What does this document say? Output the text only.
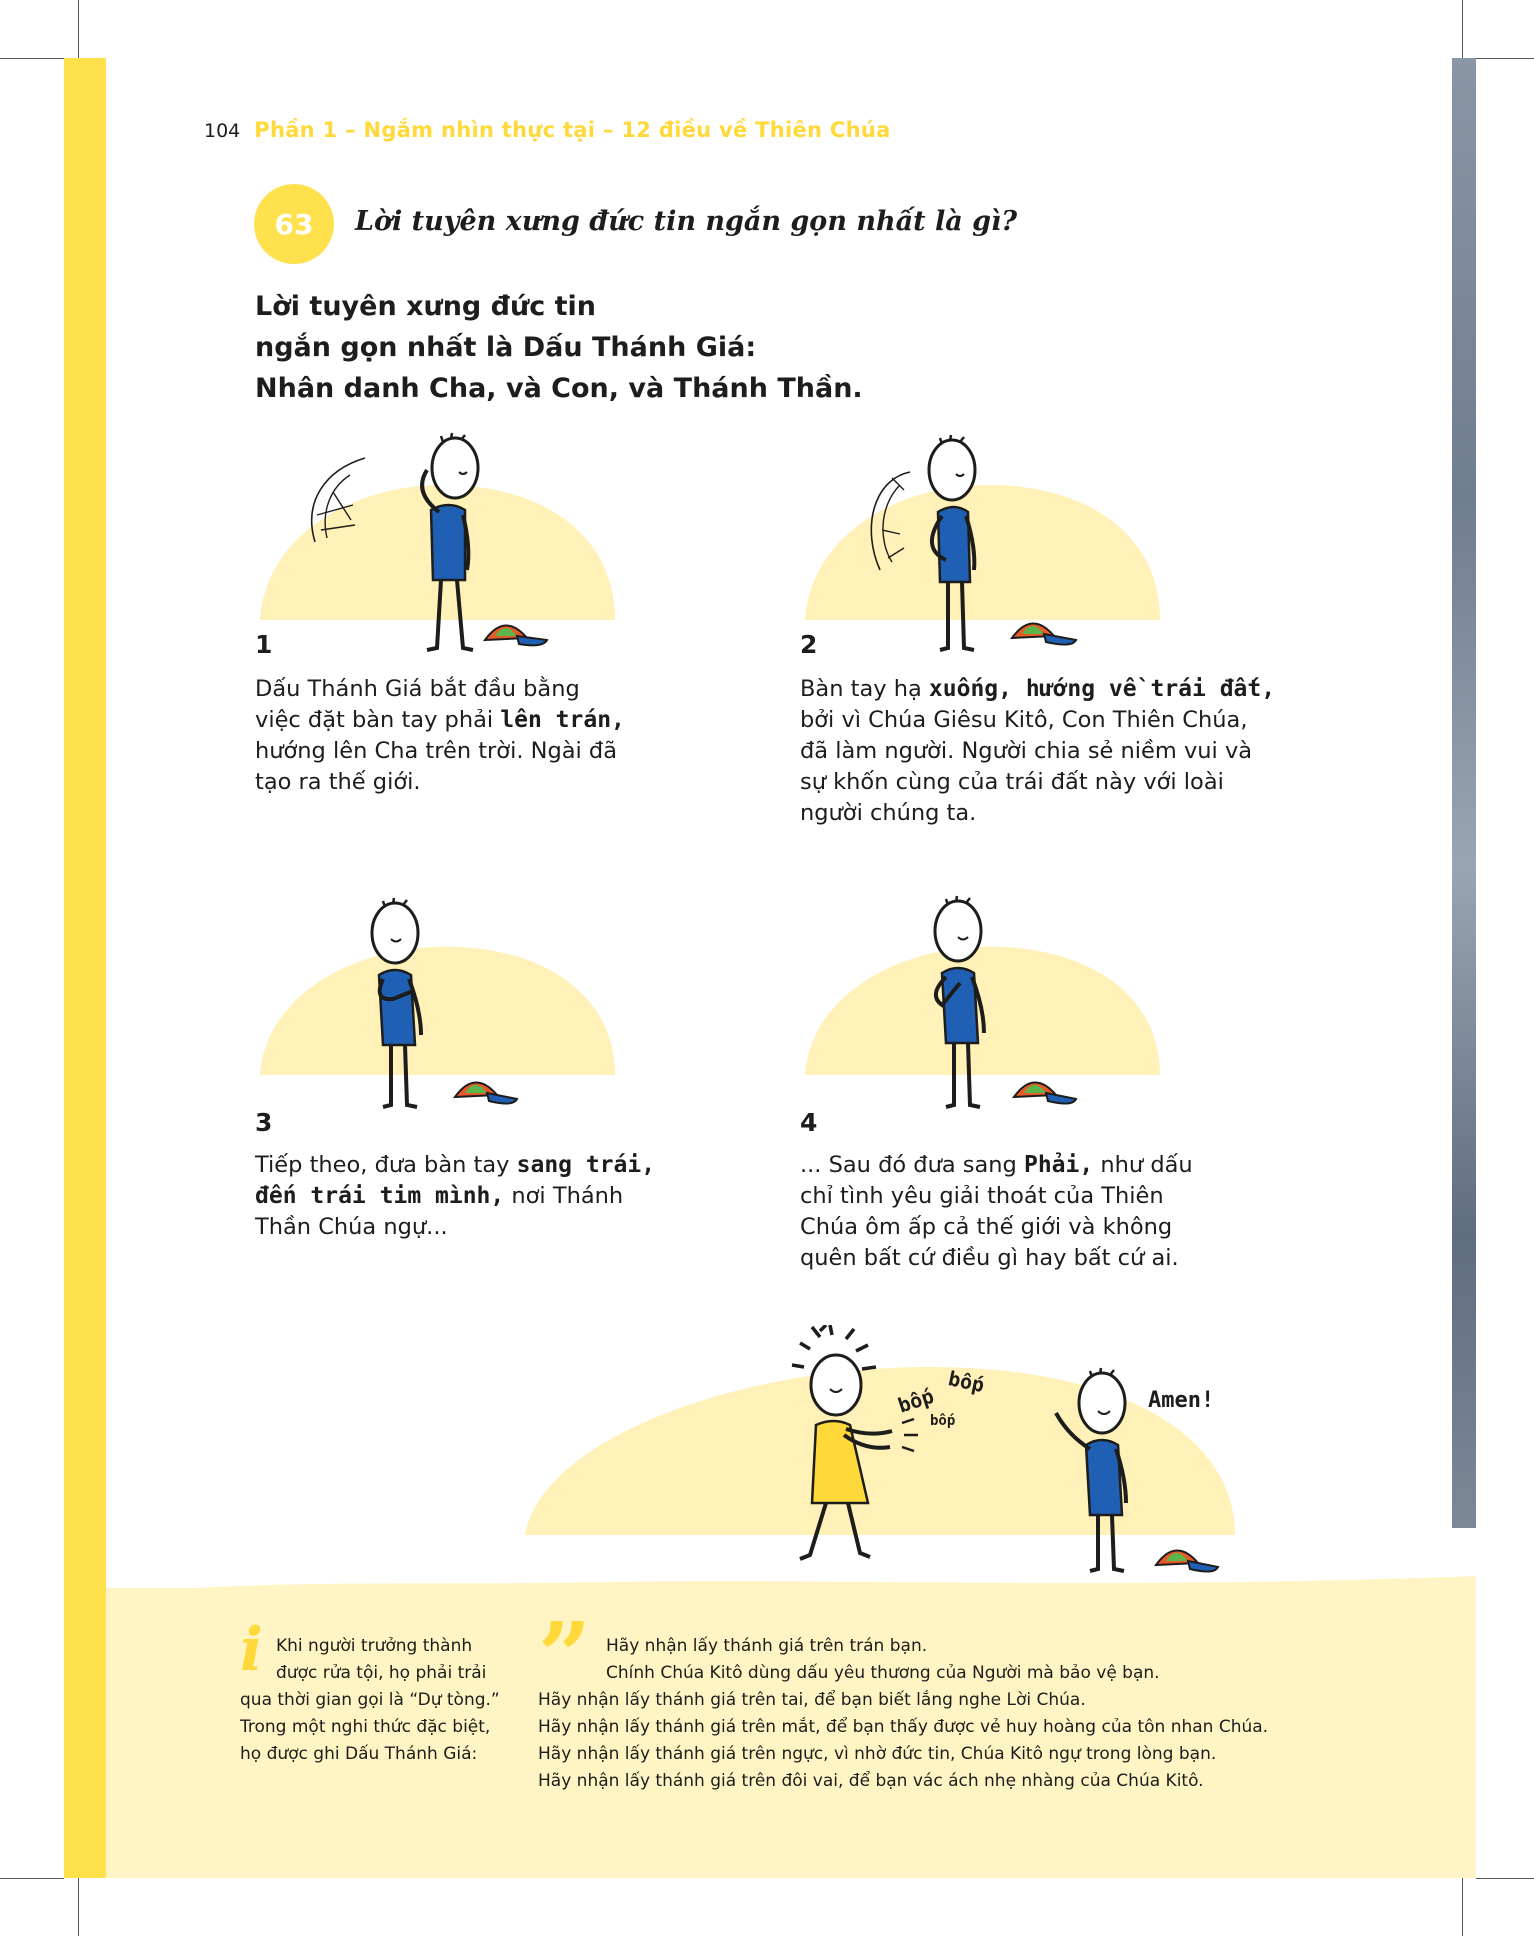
104 Phần 1 – Ngắm nhìn thực tại – 12 điều về Thiên Chúa
63	Lời tuyên xưng đức tin ngắn gọn nhất là gì?
Lời tuyên xưng đức tin
ngắn gọn nhất là Dấu Thánh Giá:
Nhân danh Cha, và Con, và Thánh Thần.
1
Dấu Thánh Giá bắt đầu bằng
việc đặt bàn tay phải lên trán,
hướng lên Cha trên trời. Ngài đã
tạo ra thế giới.
2
Bàn tay hạ xuống, hướng về trái đất,
bởi vì Chúa Giêsu Kitô, Con Thiên Chúa,
đã làm người. Người chia sẻ niềm vui và
sự khốn cùng của trái đất này với loài
người chúng ta.
3
Tiếp theo, đưa bàn tay sang trái,
đến trái tim mình, nơi Thánh
Thần Chúa ngự...
4
... Sau đó đưa sang Phải, như dấu
chỉ tình yêu giải thoát của Thiên
Chúa ôm ấp cả thế giới và không
quên bất cứ điều gì hay bất cứ ai.
bốp
bốp
bốp
Amen!
i Khi người trưởng thành
được rửa tội, họ phải trải
qua thời gian gọi là “Dự tòng.”
Trong một nghi thức đặc biệt,
họ được ghi Dấu Thánh Giá:
”	Hãy nhận lấy thánh giá trên trán bạn.
Chính Chúa Kitô dùng dấu yêu thương của Người mà bảo vệ bạn.
Hãy nhận lấy thánh giá trên tai, để bạn biết lắng nghe Lời Chúa.
Hãy nhận lấy thánh giá trên mắt, để bạn thấy được vẻ huy hoàng của tôn nhan Chúa.
Hãy nhận lấy thánh giá trên ngực, vì nhờ đức tin, Chúa Kitô ngự trong lòng bạn.
Hãy nhận lấy thánh giá trên đôi vai, để bạn vác ách nhẹ nhàng của Chúa Kitô.
